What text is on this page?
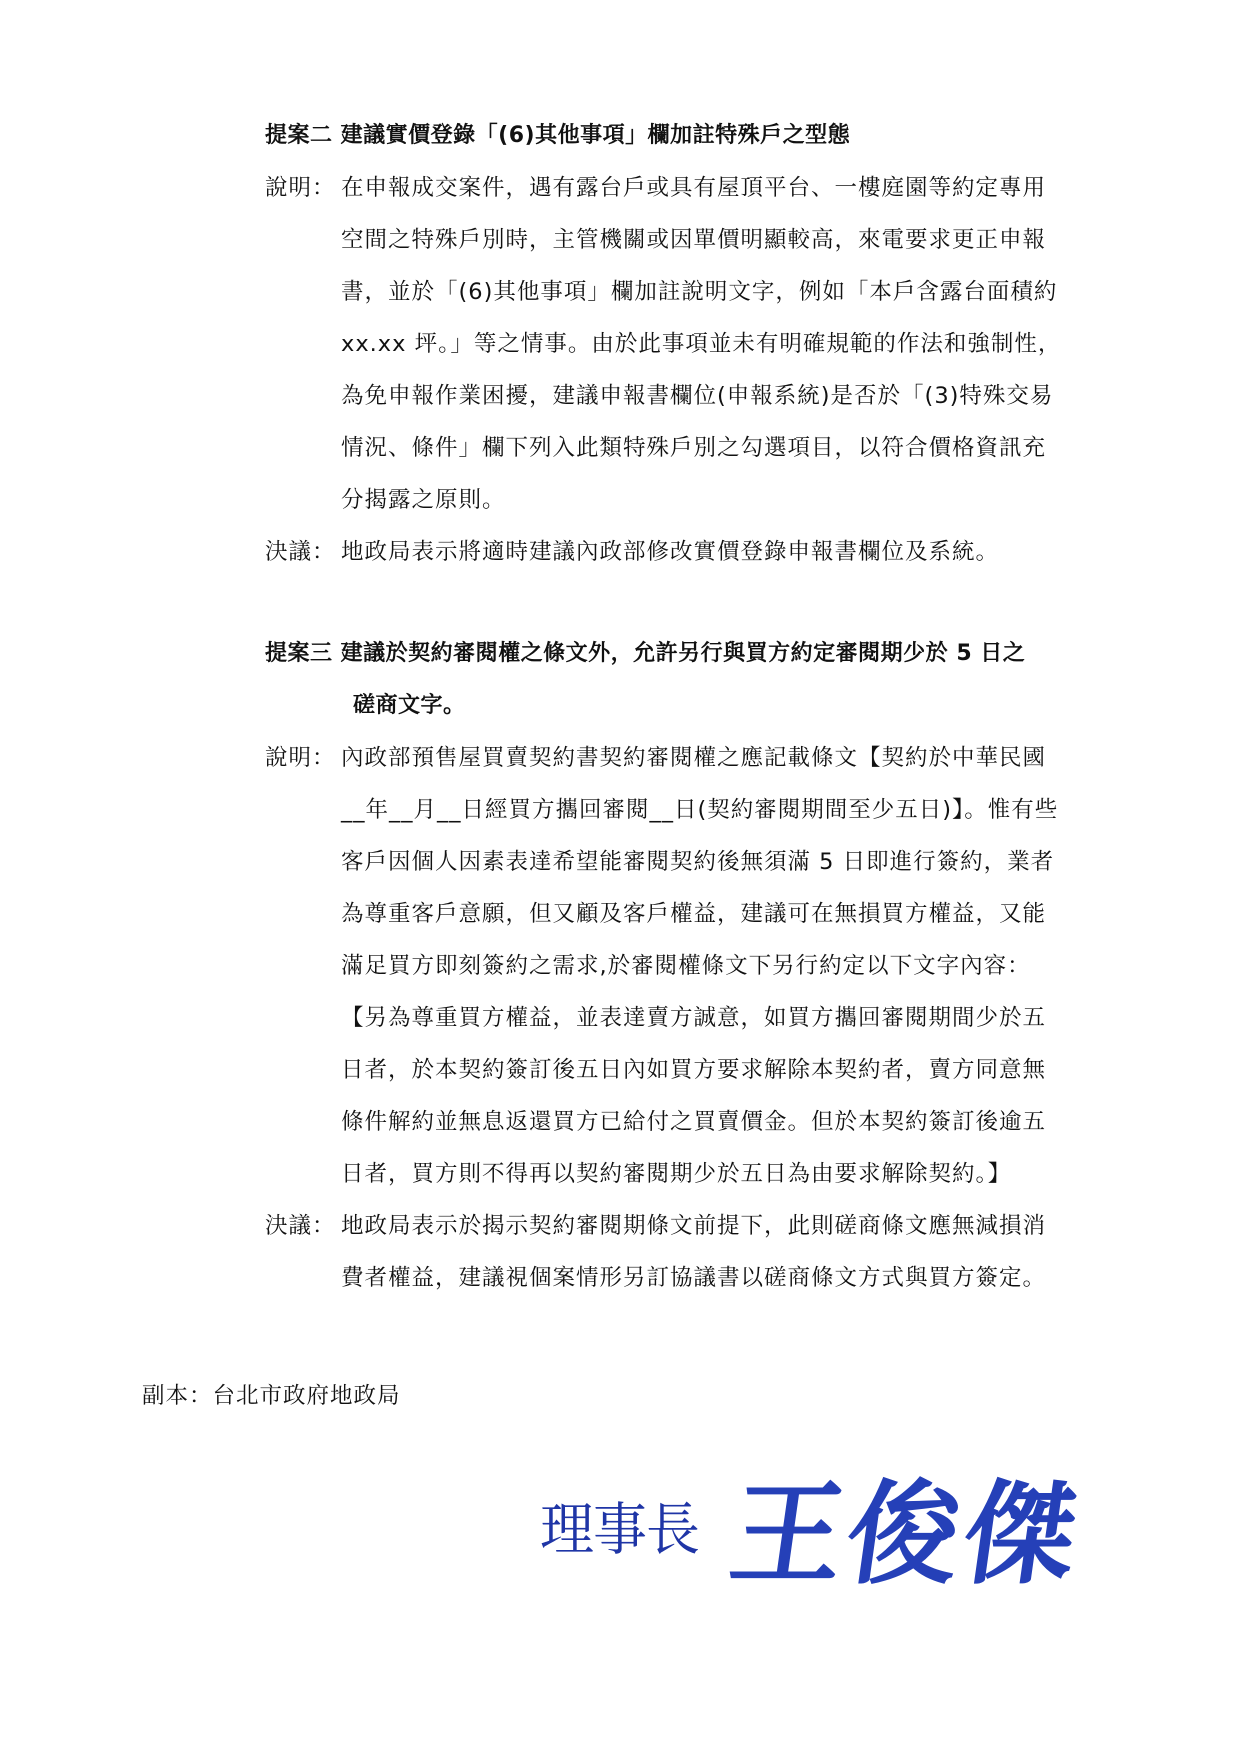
提案二 建議實價登錄「(6)其他事項」欄加註特殊戶之型態
說明： 在申報成交案件，遇有露台戶或具有屋頂平台、一樓庭園等約定專用
空間之特殊戶別時，主管機關或因單價明顯較高，來電要求更正申報
書，並於「(6)其他事項」欄加註說明文字，例如「本戶含露台面積約
xx.xx 坪。」等之情事。由於此事項並未有明確規範的作法和強制性，
為免申報作業困擾，建議申報書欄位(申報系統)是否於「(3)特殊交易
情況、條件」欄下列入此類特殊戶別之勾選項目，以符合價格資訊充
分揭露之原則。
決議： 地政局表示將適時建議內政部修改實價登錄申報書欄位及系統。
提案三 建議於契約審閱權之條文外，允許另行與買方約定審閱期少於 5 日之
磋商文字。
說明： 內政部預售屋買賣契約書契約審閱權之應記載條文【契約於中華民國
__年__月__日經買方攜回審閱__日(契約審閱期間至少五日)】。惟有些
客戶因個人因素表達希望能審閱契約後無須滿 5 日即進行簽約，業者
為尊重客戶意願，但又顧及客戶權益，建議可在無損買方權益，又能
滿足買方即刻簽約之需求,於審閱權條文下另行約定以下文字內容：
【另為尊重買方權益，並表達賣方誠意，如買方攜回審閱期間少於五
日者，於本契約簽訂後五日內如買方要求解除本契約者，賣方同意無
條件解約並無息返還買方已給付之買賣價金。但於本契約簽訂後逾五
日者，買方則不得再以契約審閱期少於五日為由要求解除契約。】
決議： 地政局表示於揭示契約審閱期條文前提下，此則磋商條文應無減損消
費者權益，建議視個案情形另訂協議書以磋商條文方式與買方簽定。
副本：台北市政府地政局
理事長 王俊傑
